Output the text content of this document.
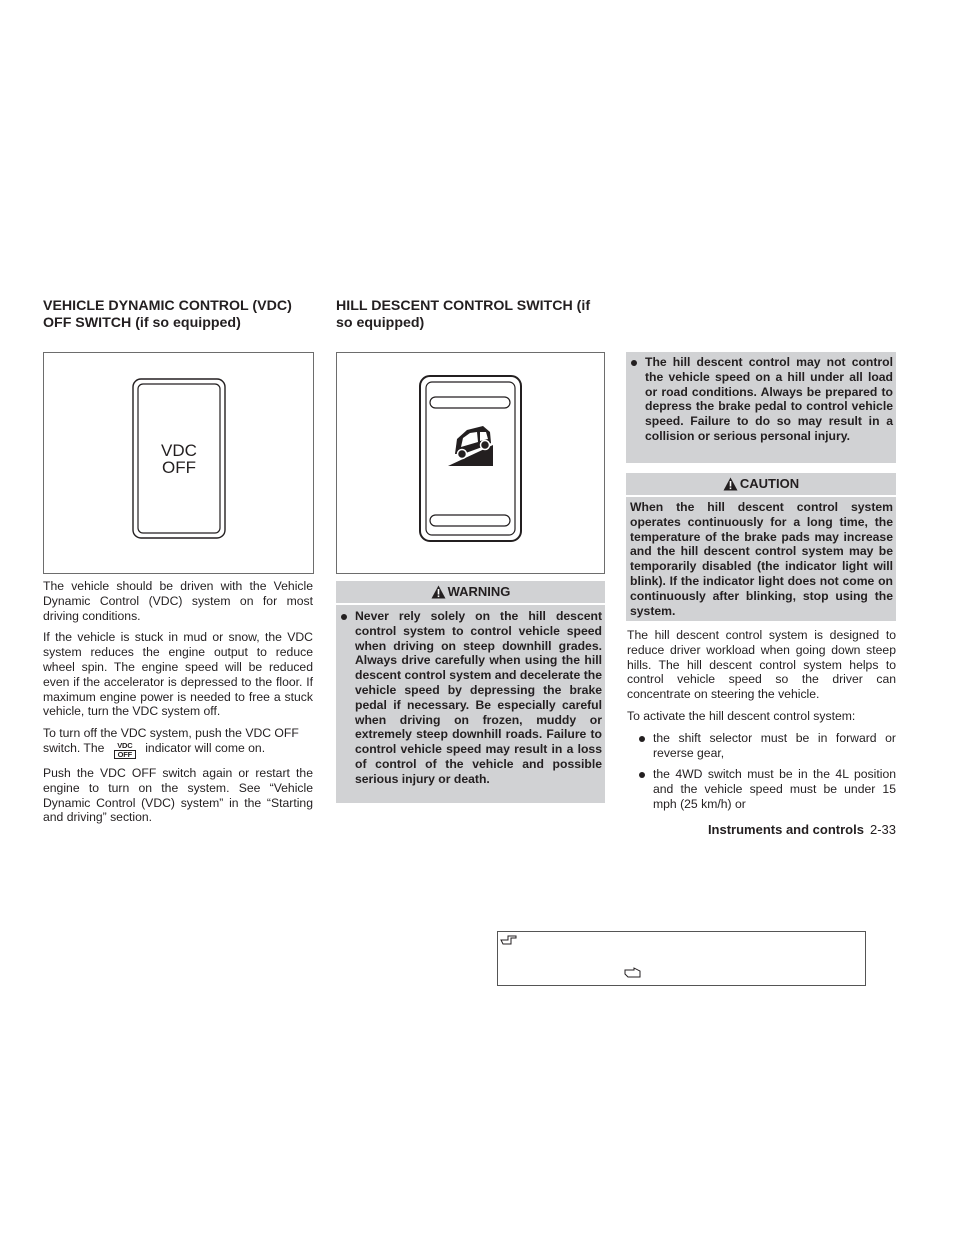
VEHICLE DYNAMIC CONTROL (VDC)
OFF SWITCH (if so equipped)
HILL DESCENT CONTROL SWITCH (if
so equipped)
VDC
OFF

The vehicle should be driven with the Vehicle Dynamic Control (VDC) system on for most driving conditions.

If the vehicle is stuck in mud or snow, the VDC system reduces the engine output to reduce wheel spin. The engine speed will be reduced even if the accelerator is depressed to the floor. If maximum engine power is needed to free a stuck vehicle, turn the VDC system off.

To turn off the VDC system, push the VDC OFF
switch. The	VDC
OFF	indicator will come on.

Push the VDC OFF switch again or restart the engine to turn on the system. See “Vehicle Dynamic Control (VDC) system” in the “Starting and driving” section.

WARNING
Never rely solely on the hill descent control system to control vehicle speed when driving on steep downhill grades. Always drive carefully when using the hill descent control system and decelerate the vehicle speed by depressing the brake pedal if necessary. Be especially careful when driving on frozen, muddy or extremely steep downhill roads. Failure to control vehicle speed may result in a loss of control of the vehicle and possible serious injury or death.
The hill descent control may not control the vehicle speed on a hill under all load or road conditions. Always be prepared to depress the brake pedal to control vehicle speed. Failure to do so may result in a collision or serious personal injury.
CAUTION
When the hill descent control system operates continuously for a long time, the temperature of the brake pads may increase and the hill descent control system may be temporarily disabled (the indicator light will blink). If the indicator light does not come on continuously after blinking, stop using the system.

The hill descent control system is designed to reduce driver workload when going down steep hills. The hill descent control system helps to control vehicle speed so the driver can concentrate on steering the vehicle.

To activate the hill descent control system:

the shift selector must be in forward or reverse gear,

the 4WD switch must be in the 4L position and the vehicle speed must be under 15 mph (25 km/h) or

Instruments and controls 2-33
